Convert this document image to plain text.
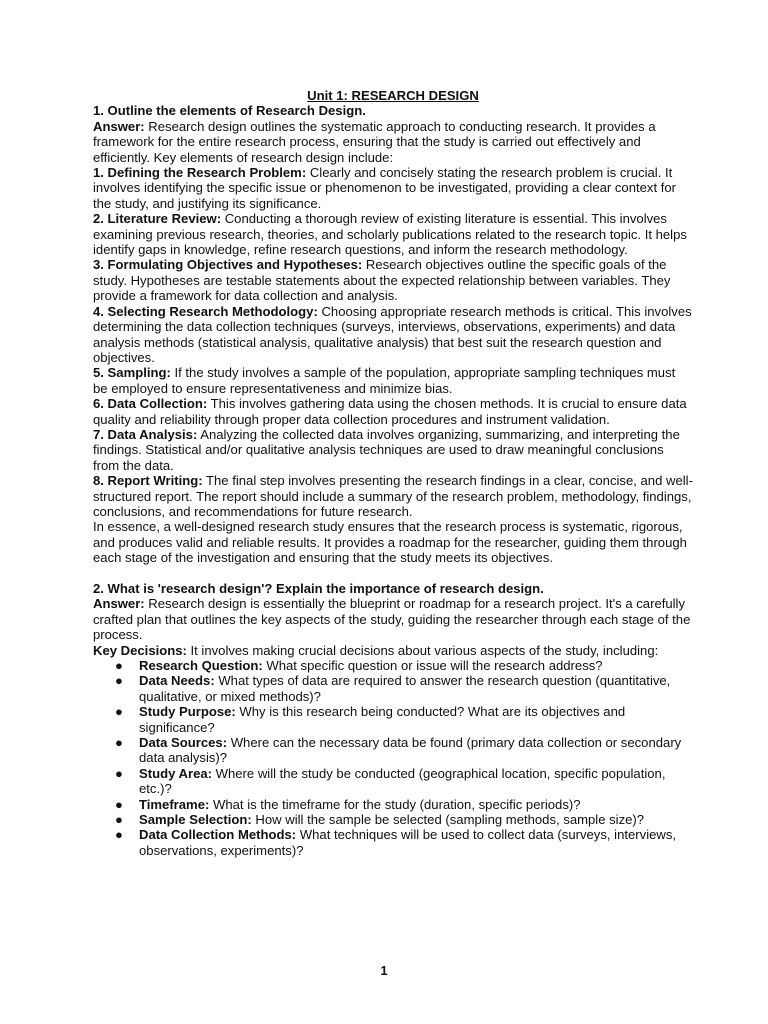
Unit 1: RESEARCH DESIGN

1. Outline the elements of Research Design.

Answer: Research design outlines the systematic approach to conducting research. It provides a framework for the entire research process, ensuring that the study is carried out effectively and efficiently. Key elements of research design include:

1. Defining the Research Problem: Clearly and concisely stating the research problem is crucial. It involves identifying the specific issue or phenomenon to be investigated, providing a clear context for the study, and justifying its significance.

2. Literature Review: Conducting a thorough review of existing literature is essential. This involves examining previous research, theories, and scholarly publications related to the research topic. It helps identify gaps in knowledge, refine research questions, and inform the research methodology.

3. Formulating Objectives and Hypotheses: Research objectives outline the specific goals of the study. Hypotheses are testable statements about the expected relationship between variables. They provide a framework for data collection and analysis.

4. Selecting Research Methodology: Choosing appropriate research methods is critical. This involves determining the data collection techniques (surveys, interviews, observations, experiments) and data analysis methods (statistical analysis, qualitative analysis) that best suit the research question and objectives.

5. Sampling: If the study involves a sample of the population, appropriate sampling techniques must be employed to ensure representativeness and minimize bias.

6. Data Collection: This involves gathering data using the chosen methods. It is crucial to ensure data quality and reliability through proper data collection procedures and instrument validation.

7. Data Analysis: Analyzing the collected data involves organizing, summarizing, and interpreting the findings. Statistical and/or qualitative analysis techniques are used to draw meaningful conclusions from the data.

8. Report Writing: The final step involves presenting the research findings in a clear, concise, and well-structured report. The report should include a summary of the research problem, methodology, findings, conclusions, and recommendations for future research.

In essence, a well-designed research study ensures that the research process is systematic, rigorous, and produces valid and reliable results. It provides a roadmap for the researcher, guiding them through each stage of the investigation and ensuring that the study meets its objectives.

2. What is 'research design'? Explain the importance of research design.

Answer: Research design is essentially the blueprint or roadmap for a research project. It's a carefully crafted plan that outlines the key aspects of the study, guiding the researcher through each stage of the process.

Key Decisions: It involves making crucial decisions about various aspects of the study, including:

● Research Question: What specific question or issue will the research address?
● Data Needs: What types of data are required to answer the research question (quantitative, qualitative, or mixed methods)?
● Study Purpose: Why is this research being conducted? What are its objectives and significance?
● Data Sources: Where can the necessary data be found (primary data collection or secondary data analysis)?
● Study Area: Where will the study be conducted (geographical location, specific population, etc.)?
● Timeframe: What is the timeframe for the study (duration, specific periods)?
● Sample Selection: How will the sample be selected (sampling methods, sample size)?
● Data Collection Methods: What techniques will be used to collect data (surveys, interviews, observations, experiments)?
1
